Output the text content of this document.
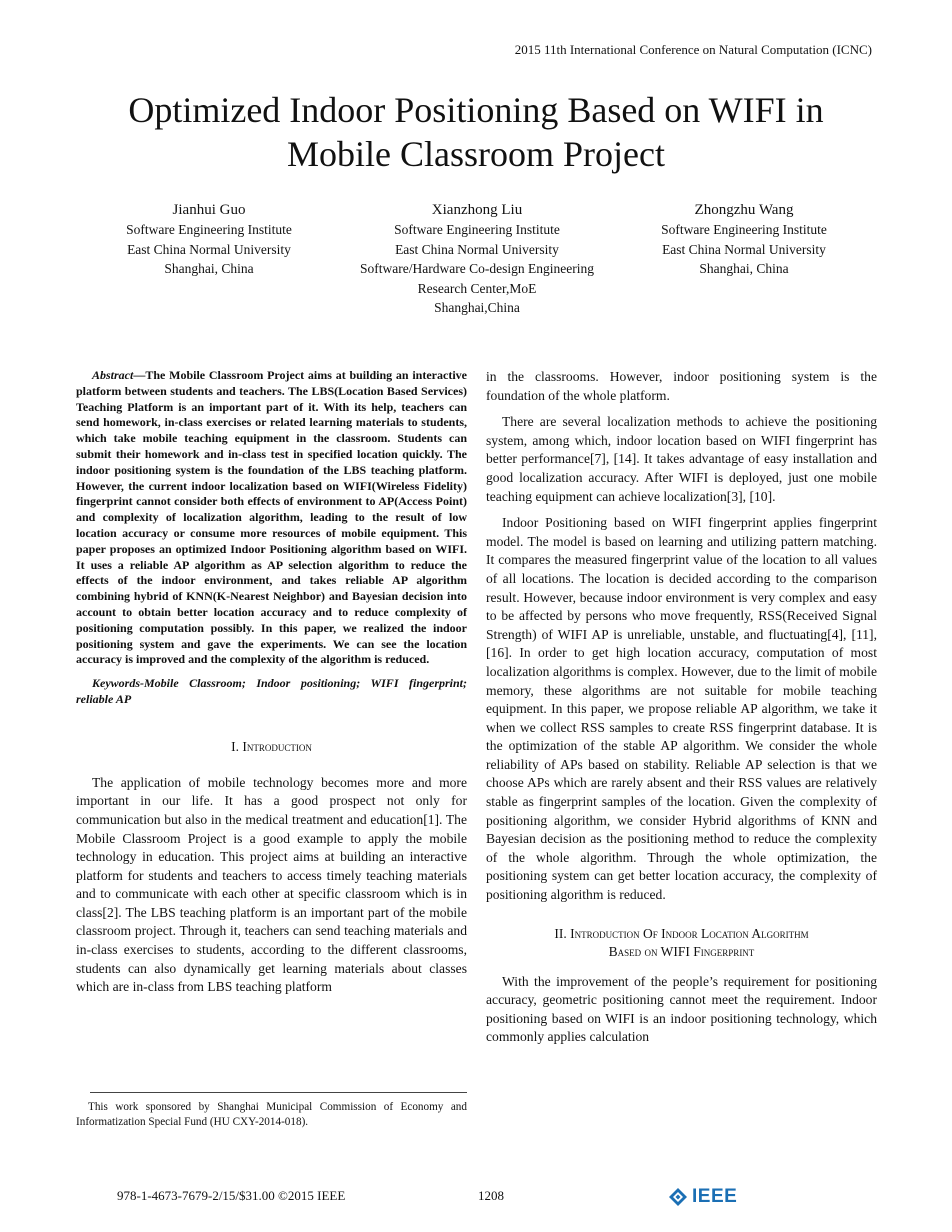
2015 11th International Conference on Natural Computation (ICNC)
Optimized Indoor Positioning Based on WIFI in
Mobile Classroom Project
Jianhui Guo
Software Engineering Institute
East China Normal University
Shanghai, China
Xianzhong Liu
Software Engineering Institute
East China Normal University
Software/Hardware Co-design Engineering
Research Center,MoE
Shanghai,China
Zhongzhu Wang
Software Engineering Institute
East China Normal University
Shanghai, China

Abstract—The Mobile Classroom Project aims at building an interactive platform between students and teachers. The LBS(Location Based Services) Teaching Platform is an important part of it. With its help, teachers can send homework, in-class exercises or related learning materials to students, which take mobile teaching equipment in the classroom. Students can submit their homework and in-class test in specified location quickly. The indoor positioning system is the foundation of the LBS teaching platform. However, the current indoor localization based on WIFI(Wireless Fidelity) fingerprint cannot consider both effects of environment to AP(Access Point) and complexity of localization algorithm, leading to the result of low location accuracy or consume more resources of mobile equipment. This paper proposes an optimized Indoor Positioning algorithm based on WIFI. It uses a reliable AP algorithm as AP selection algorithm to reduce the effects of the indoor environment, and takes reliable AP algorithm combining hybrid of KNN(K-Nearest Neighbor) and Bayesian decision into account to obtain better location accuracy and to reduce complexity of positioning computation possibly. In this paper, we realized the indoor positioning system and gave the experiments. We can see the location accuracy is improved and the complexity of the algorithm is reduced.

Keywords-Mobile Classroom; Indoor positioning; WIFI fingerprint; reliable AP

I. Introduction

The application of mobile technology becomes more and more important in our life. It has a good prospect not only for communication but also in the medical treatment and education[1]. The Mobile Classroom Project is a good example to apply the mobile technology in education. This project aims at building an interactive platform for students and teachers to access timely teaching materials and to communicate with each other at specific classroom which is in class[2]. The LBS teaching platform is an important part of the mobile classroom project. Through it, teachers can send teaching materials and in-class exercises to students, according to the different classrooms, students can also dynamically get learning materials about classes which are in-class from LBS teaching platform

in the classrooms. However, indoor positioning system is the foundation of the whole platform.

There are several localization methods to achieve the positioning system, among which, indoor location based on WIFI fingerprint has better performance[7], [14]. It takes advantage of easy installation and good localization accuracy. After WIFI is deployed, just one mobile teaching equipment can achieve localization[3], [10].

Indoor Positioning based on WIFI fingerprint applies fingerprint model. The model is based on learning and utilizing pattern matching. It compares the measured fingerprint value of the location to all values of all locations. The location is decided according to the comparison result. However, because indoor environment is very complex and easy to be affected by persons who move frequently, RSS(Received Signal Strength) of WIFI AP is unreliable, unstable, and fluctuating[4], [11], [16]. In order to get high location accuracy, computation of most localization algorithms is complex. However, due to the limit of mobile memory, these algorithms are not suitable for mobile teaching equipment. In this paper, we propose reliable AP algorithm, we take it when we collect RSS samples to create RSS fingerprint database. It is the optimization of the stable AP algorithm. We consider the whole reliability of APs based on stability. Reliable AP selection is that we choose APs which are rarely absent and their RSS values are relatively stable as fingerprint samples of the location. Given the complexity of positioning algorithm, we consider Hybrid algorithms of KNN and Bayesian decision as the positioning method to reduce the complexity of the whole algorithm. Through the whole optimization, the positioning system can get better location accuracy, the complexity of positioning algorithm is reduced.

II. Introduction Of Indoor Location Algorithm
Based on WIFI Fingerprint

With the improvement of the people’s requirement for positioning accuracy, geometric positioning cannot meet the requirement. Indoor positioning based on WIFI is an indoor positioning technology, which commonly applies calculation

This work sponsored by Shanghai Municipal Commission of Economy and Informatization Special Fund (HU CXY-2014-018).
978-1-4673-7679-2/15/$31.00 ©2015 IEEE	1208	IEEE
